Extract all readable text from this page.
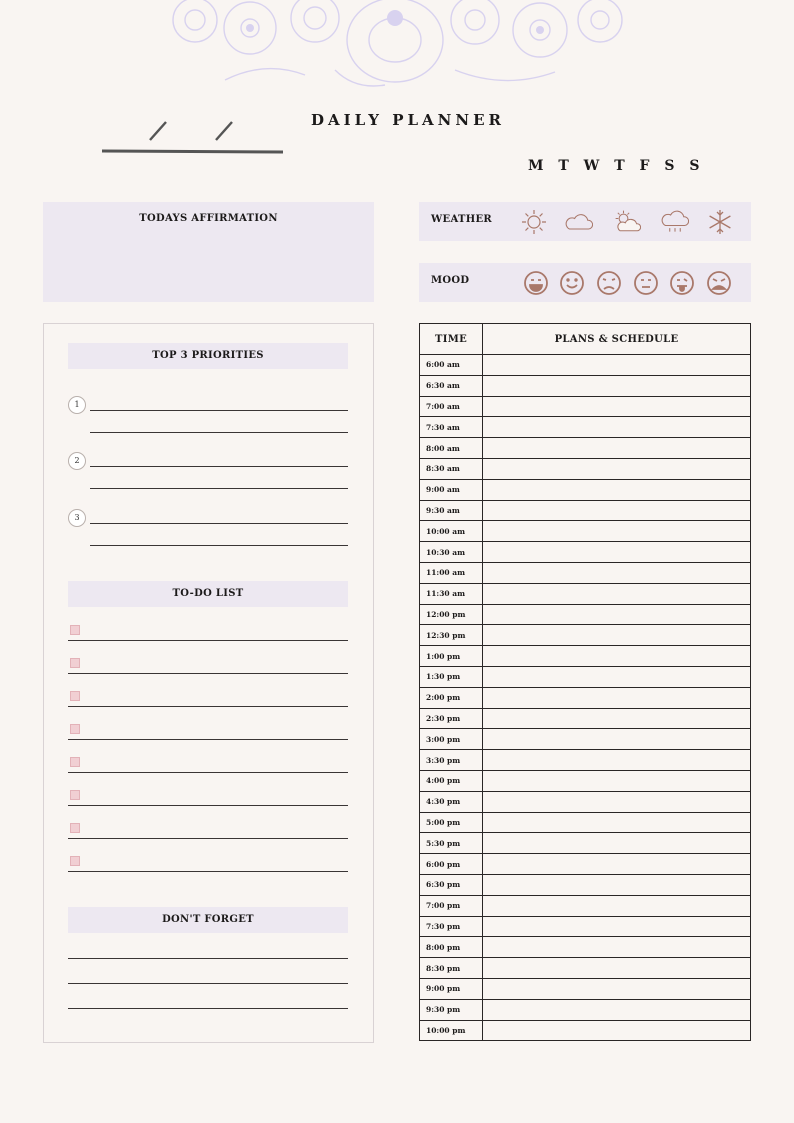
DAILY PLANNER
M T W T F S S
TODAYS AFFIRMATION	WEATHER
MOOD
TOP 3 PRIORITIES
1
2
3
TO-DO LIST
DON'T FORGET
TIME	PLANS & SCHEDULE
6:00 am	
6:30 am	
7:00 am	
7:30 am	
8:00 am	
8:30 am	
9:00 am	
9:30 am	
10:00 am	
10:30 am	
11:00 am	
11:30 am	
12:00 pm	
12:30 pm	
1:00 pm	
1:30 pm	
2:00 pm	
2:30 pm	
3:00 pm	
3:30 pm	
4:00 pm	
4:30 pm	
5:00 pm	
5:30 pm	
6:00 pm	
6:30 pm	
7:00 pm	
7:30 pm	
8:00 pm	
8:30 pm	
9:00 pm	
9:30 pm	
10:00 pm	
